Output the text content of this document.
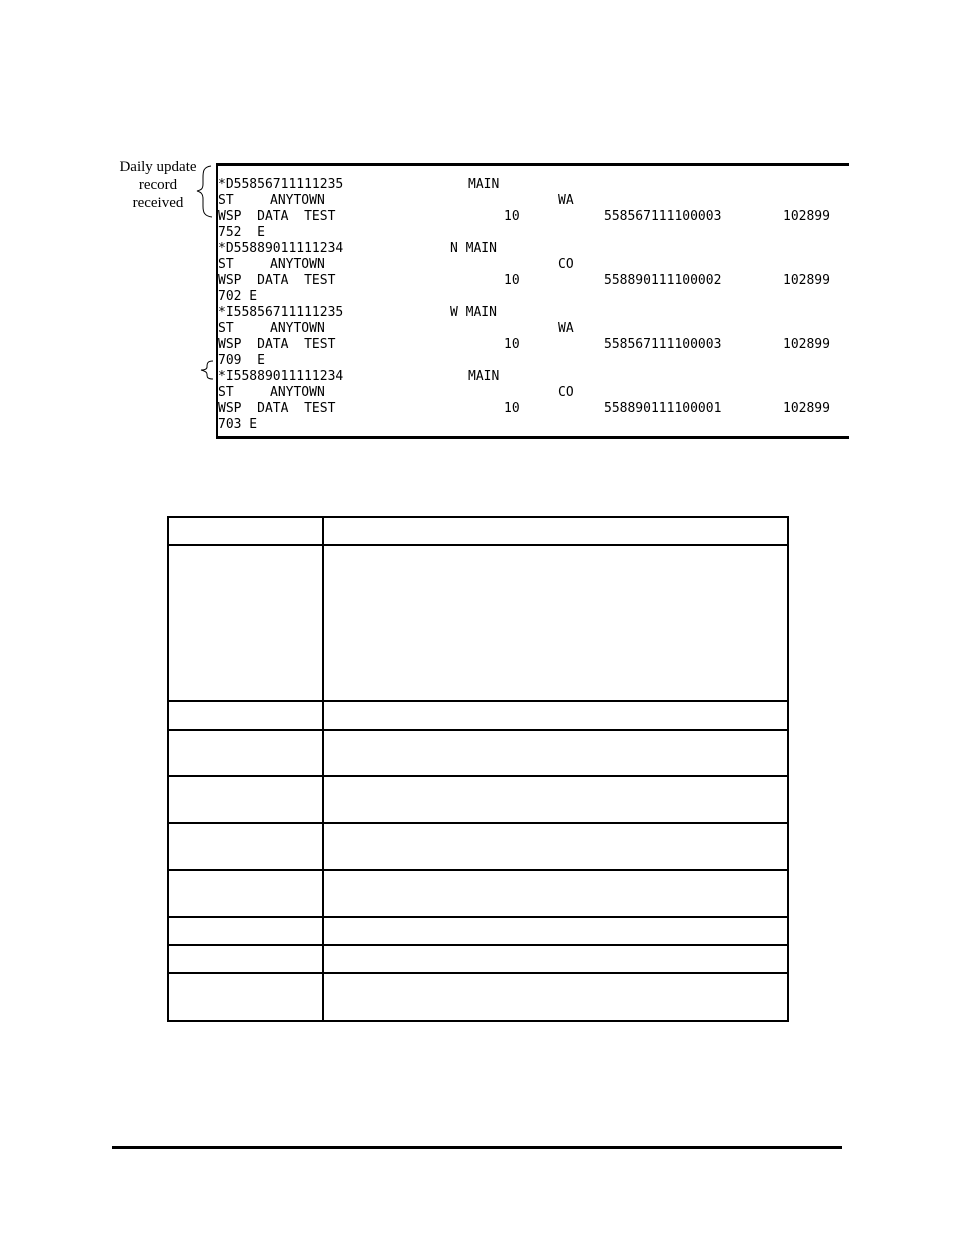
Daily update
record
received
*D55856711111235	MAIN
ST	ANYTOWN	WA
WSP  DATA  TEST	10	558567111100003	102899
752  E
*D55889011111234	N MAIN
ST	ANYTOWN	CO
WSP  DATA  TEST	10	558890111100002	102899
702 E
*I55856711111235	W MAIN
ST	ANYTOWN	WA
WSP  DATA  TEST	10	558567111100003	102899
709  E
*I55889011111234	MAIN
ST	ANYTOWN	CO
WSP  DATA  TEST	10	558890111100001	102899
703 E
